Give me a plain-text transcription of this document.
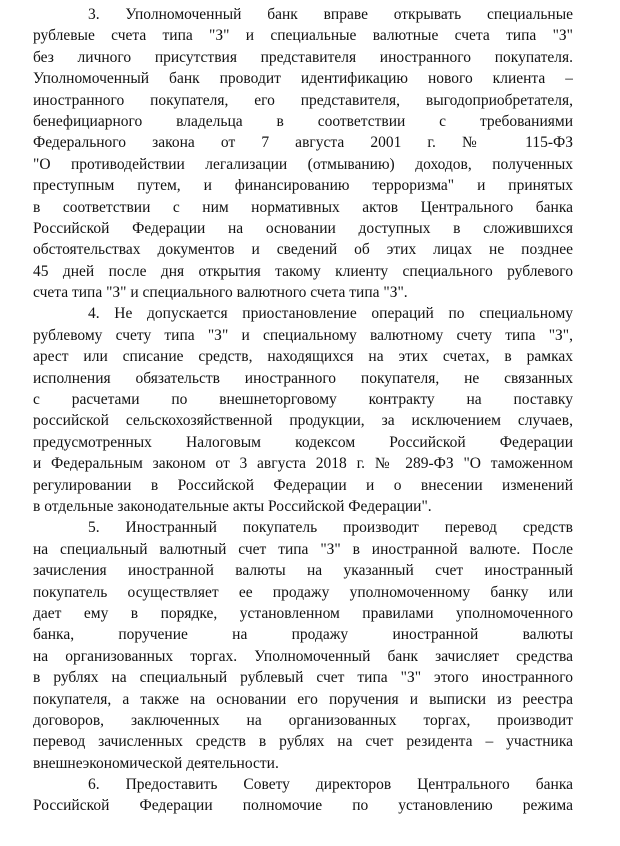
3. Уполномоченный банк вправе открывать специальные
рублевые счета типа "З" и специальные валютные счета типа "З"
без личного присутствия представителя иностранного покупателя.
Уполномоченный банк проводит идентификацию нового клиента –
иностранного покупателя, его представителя, выгодоприобретателя,
бенефициарного владельца в соответствии с требованиями
Федерального закона от 7 августа 2001 г. № 115-ФЗ
"О противодействии легализации (отмыванию) доходов, полученных
преступным путем, и финансированию терроризма" и принятых
в соответствии с ним нормативных актов Центрального банка
Российской Федерации на основании доступных в сложившихся
обстоятельствах документов и сведений об этих лицах не позднее
45 дней после дня открытия такому клиенту специального рублевого
счета типа "З" и специального валютного счета типа "З".
4. Не допускается приостановление операций по специальному
рублевому счету типа "З" и специальному валютному счету типа "З",
арест или списание средств, находящихся на этих счетах, в рамках
исполнения обязательств иностранного покупателя, не связанных
с расчетами по внешнеторговому контракту на поставку
российской сельскохозяйственной продукции, за исключением случаев,
предусмотренных Налоговым кодексом Российской Федерации
и Федеральным законом от 3 августа 2018 г. № 289-ФЗ "О таможенном
регулировании в Российской Федерации и о внесении изменений
в отдельные законодательные акты Российской Федерации".
5. Иностранный покупатель производит перевод средств
на специальный валютный счет типа "З" в иностранной валюте. После
зачисления иностранной валюты на указанный счет иностранный
покупатель осуществляет ее продажу уполномоченному банку или
дает ему в порядке, установленном правилами уполномоченного
банка, поручение на продажу иностранной валюты
на организованных торгах. Уполномоченный банк зачисляет средства
в рублях на специальный рублевый счет типа "З" этого иностранного
покупателя, а также на основании его поручения и выписки из реестра
договоров, заключенных на организованных торгах, производит
перевод зачисленных средств в рублях на счет резидента – участника
внешнеэкономической деятельности.
6. Предоставить Совету директоров Центрального банка
Российской Федерации полномочие по установлению режима
